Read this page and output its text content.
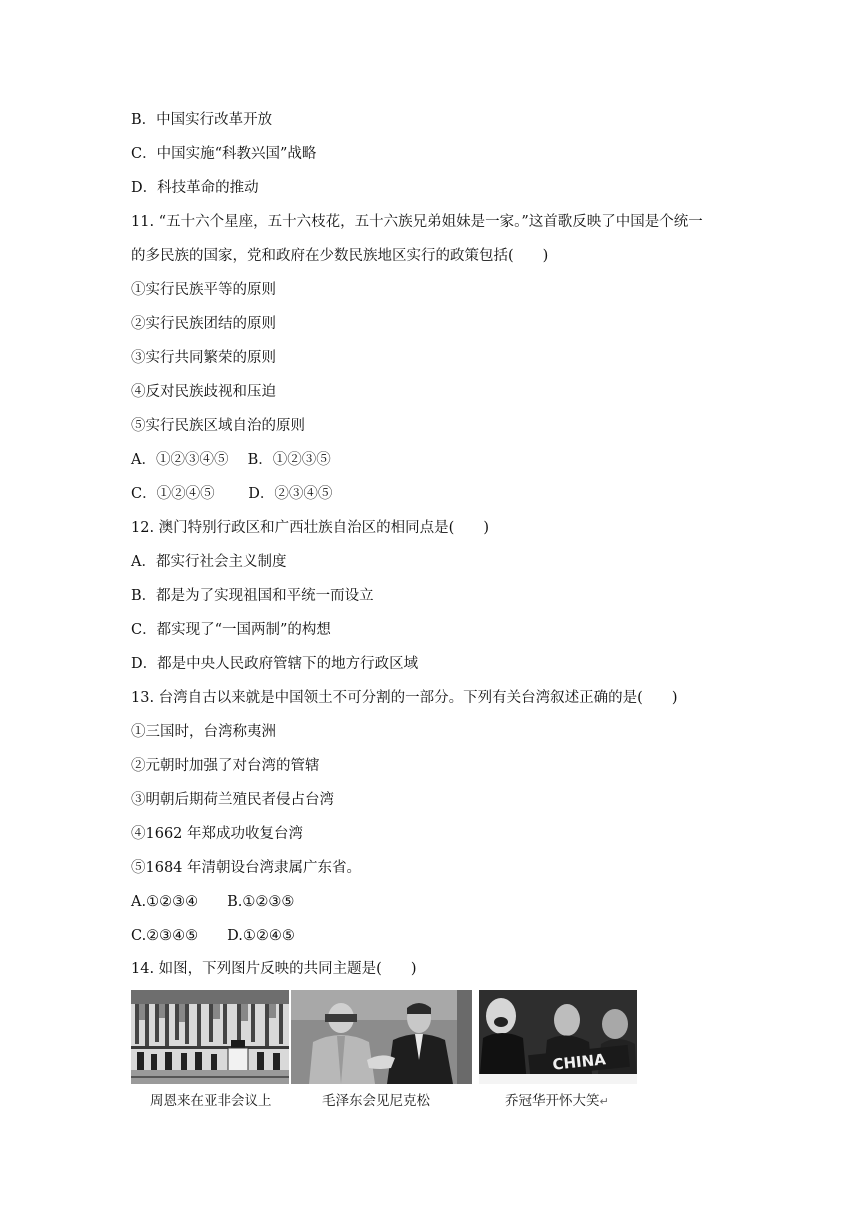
B．中国实行改革开放
C．中国实施“科教兴国”战略
D．科技革命的推动
11. “五十六个星座，五十六枝花，五十六族兄弟姐妹是一家。”这首歌反映了中国是个统一
的多民族的国家，党和政府在少数民族地区实行的政策包括(　　)
①实行民族平等的原则
②实行民族团结的原则
③实行共同繁荣的原则
④反对民族歧视和压迫
⑤实行民族区域自治的原则
A．①②③④⑤　 B．①②③⑤
C．①②④⑤　　 D．②③④⑤
12. 澳门特别行政区和广西壮族自治区的相同点是(　　)
A．都实行社会主义制度
B．都是为了实现祖国和平统一而设立
C．都实现了“一国两制”的构想
D．都是中央人民政府管辖下的地方行政区域
13. 台湾自古以来就是中国领土不可分割的一部分。下列有关台湾叙述正确的是(　　)
①三国时，台湾称夷洲
②元朝时加强了对台湾的管辖
③明朝后期荷兰殖民者侵占台湾
④1662 年郑成功收复台湾
⑤1684 年清朝设台湾隶属广东省。
A.①②③④　　B.①②③⑤
C.②③④⑤　　D.①②④⑤
14. 如图，下列图片反映的共同主题是(　　)
CHINA
周恩来在亚非会议上	毛泽东会见尼克松	乔冠华开怀大笑↵
